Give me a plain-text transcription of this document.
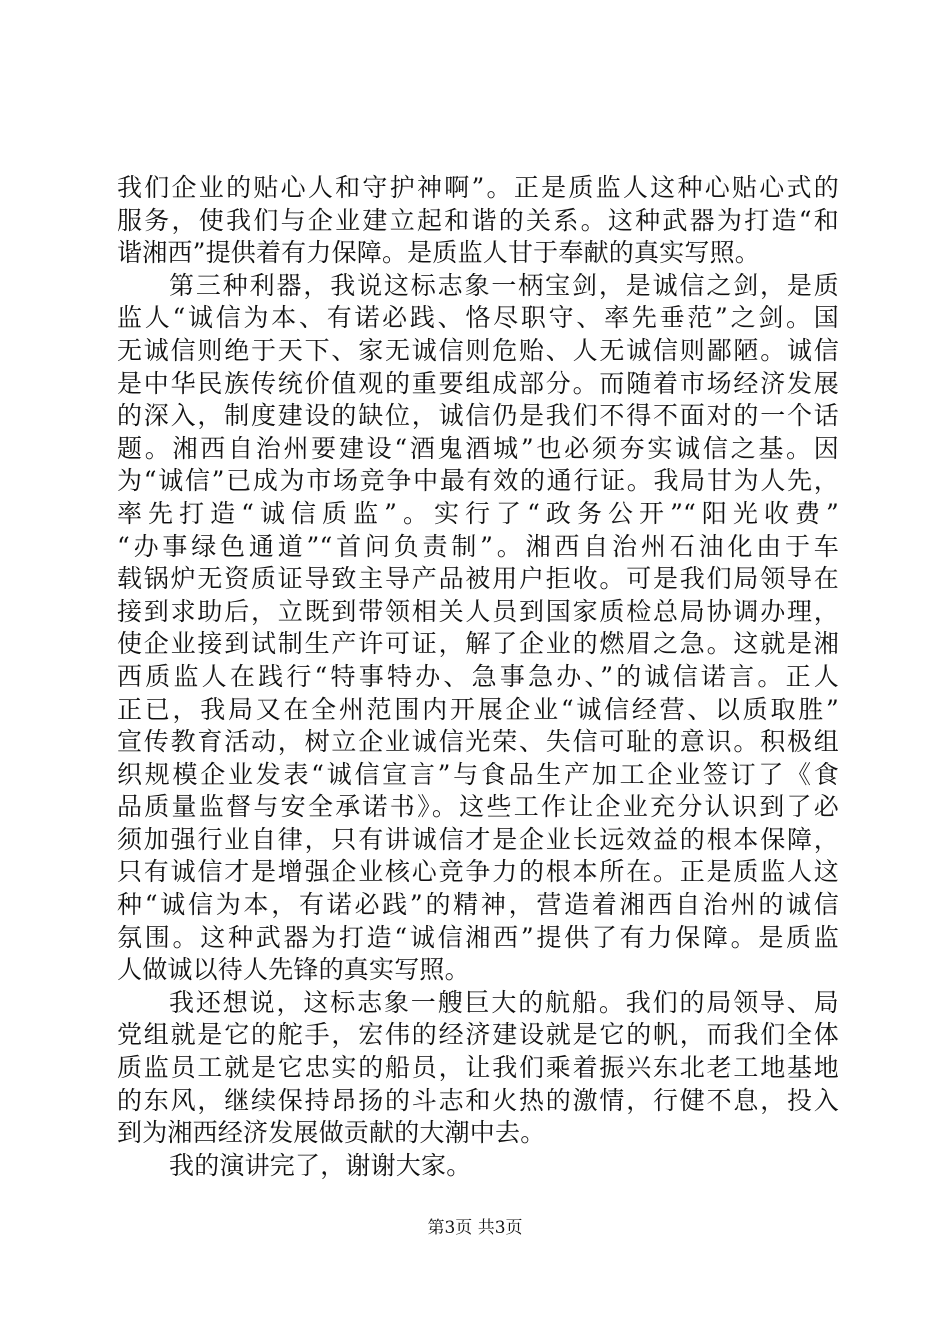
我们企业的贴心人和守护神啊”。正是质监人这种心贴心式的
服务，使我们与企业建立起和谐的关系。这种武器为打造“和
谐湘西”提供着有力保障。是质监人甘于奉献的真实写照。

第三种利器，我说这标志象一柄宝剑，是诚信之剑，是质
监人“诚信为本、有诺必践、恪尽职守、率先垂范”之剑。国
无诚信则绝于天下、家无诚信则危贻、人无诚信则鄙陋。诚信
是中华民族传统价值观的重要组成部分。而随着市场经济发展
的深入，制度建设的缺位，诚信仍是我们不得不面对的一个话
题。湘西自治州要建设“酒鬼酒城”也必须夯实诚信之基。因
为“诚信”已成为市场竞争中最有效的通行证。我局甘为人先，
率先打造“诚信质监”。实行了“政务公开”“阳光收费”
“办事绿色通道”“首问负责制”。湘西自治州石油化由于车
载锅炉无资质证导致主导产品被用户拒收。可是我们局领导在
接到求助后，立既到带领相关人员到国家质检总局协调办理，
使企业接到试制生产许可证，解了企业的燃眉之急。这就是湘
西质监人在践行“特事特办、急事急办、”的诚信诺言。正人
正已，我局又在全州范围内开展企业“诚信经营、以质取胜”
宣传教育活动，树立企业诚信光荣、失信可耻的意识。积极组
织规模企业发表“诚信宣言”与食品生产加工企业签订了《食
品质量监督与安全承诺书》。这些工作让企业充分认识到了必
须加强行业自律，只有讲诚信才是企业长远效益的根本保障，
只有诚信才是增强企业核心竞争力的根本所在。正是质监人这
种“诚信为本，有诺必践”的精神，营造着湘西自治州的诚信
氛围。这种武器为打造“诚信湘西”提供了有力保障。是质监
人做诚以待人先锋的真实写照。

我还想说，这标志象一艘巨大的航船。我们的局领导、局
党组就是它的舵手，宏伟的经济建设就是它的帆，而我们全体
质监员工就是它忠实的船员，让我们乘着振兴东北老工地基地
的东风，继续保持昂扬的斗志和火热的激情，行健不息，投入
到为湘西经济发展做贡献的大潮中去。

我的演讲完了，谢谢大家。

第3页 共3页
